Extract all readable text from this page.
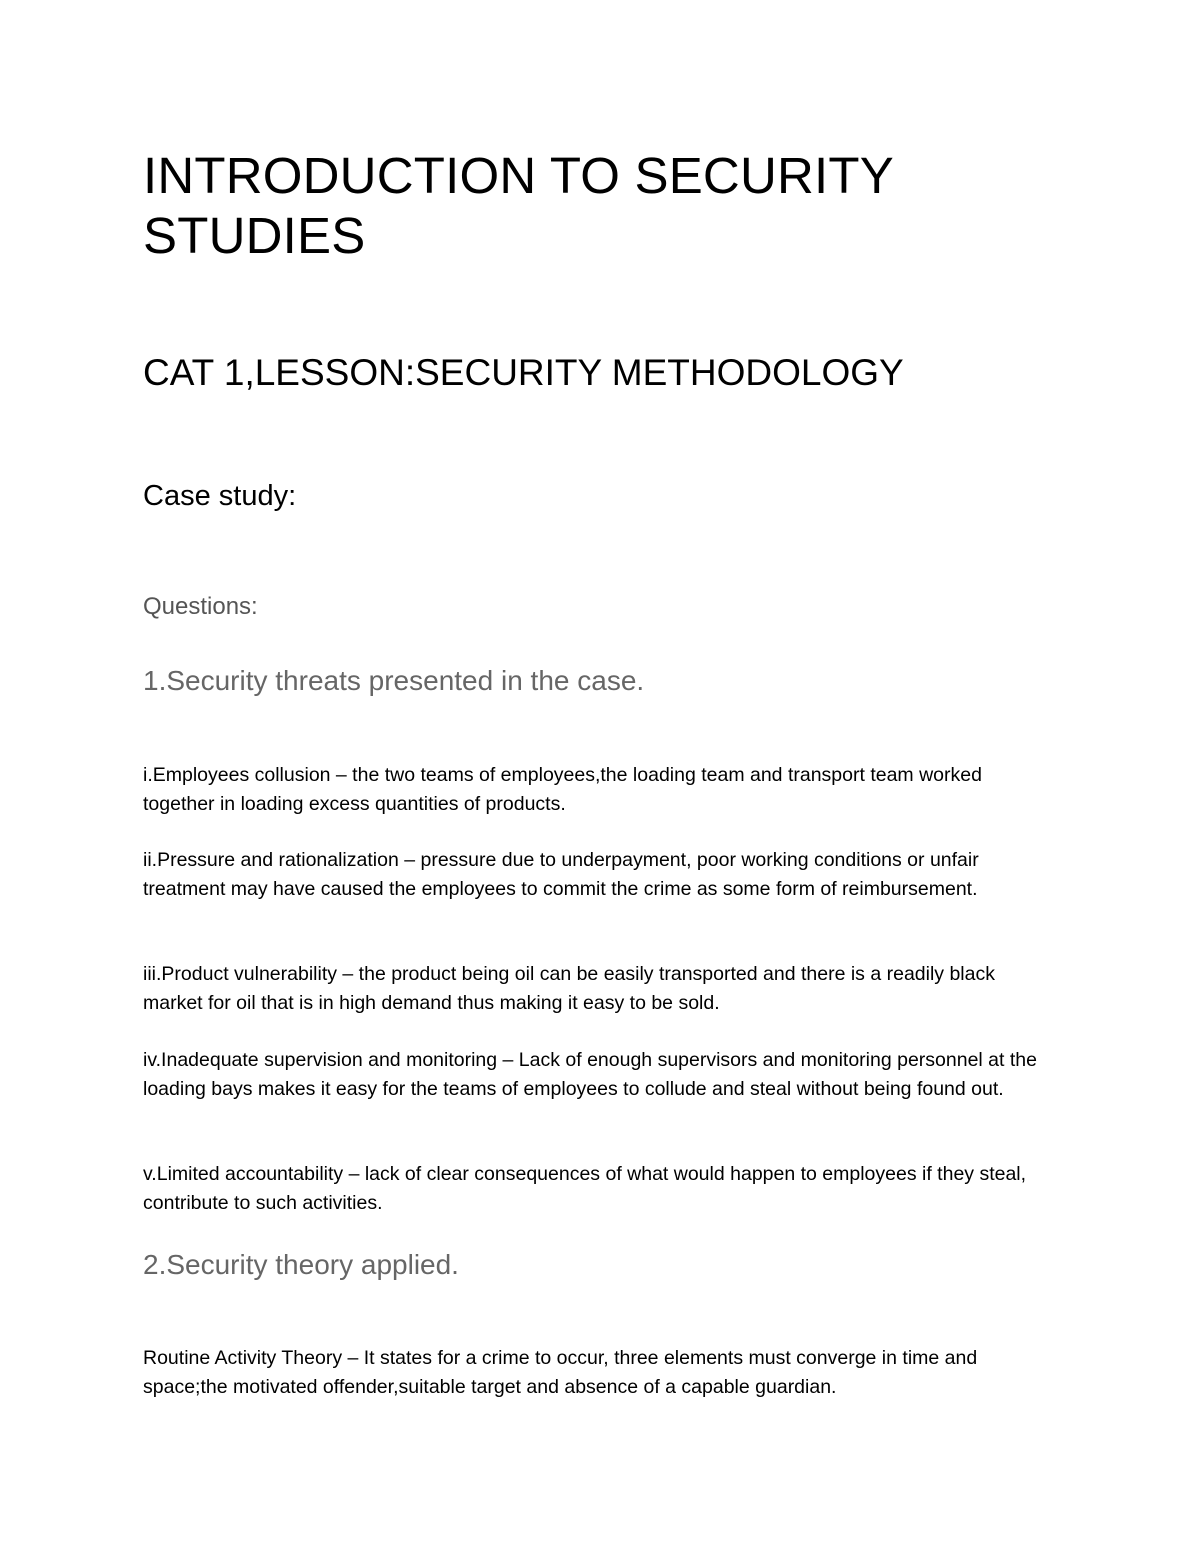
INTRODUCTION TO SECURITY STUDIES
CAT 1,LESSON:SECURITY METHODOLOGY
Case study:
Questions:
1.Security threats presented in the case.

i.Employees collusion – the two teams of employees,the loading team and transport team worked together in loading excess quantities of products.

ii.Pressure and rationalization – pressure due to underpayment, poor working conditions or unfair treatment may have caused the employees to commit the crime as some form of reimbursement.

iii.Product vulnerability – the product being oil can be easily transported and there is a readily black market for oil that is in high demand thus making it easy to be sold.

iv.Inadequate supervision and monitoring – Lack of enough supervisors and monitoring personnel at the loading bays makes it easy for the teams of employees to collude and steal without being found out.

v.Limited accountability – lack of clear consequences of what would happen to employees if they steal, contribute to such activities.

2.Security theory applied.

Routine Activity Theory – It states for a crime to occur, three elements must converge in time and space;the motivated offender,suitable target and absence of a capable guardian.
